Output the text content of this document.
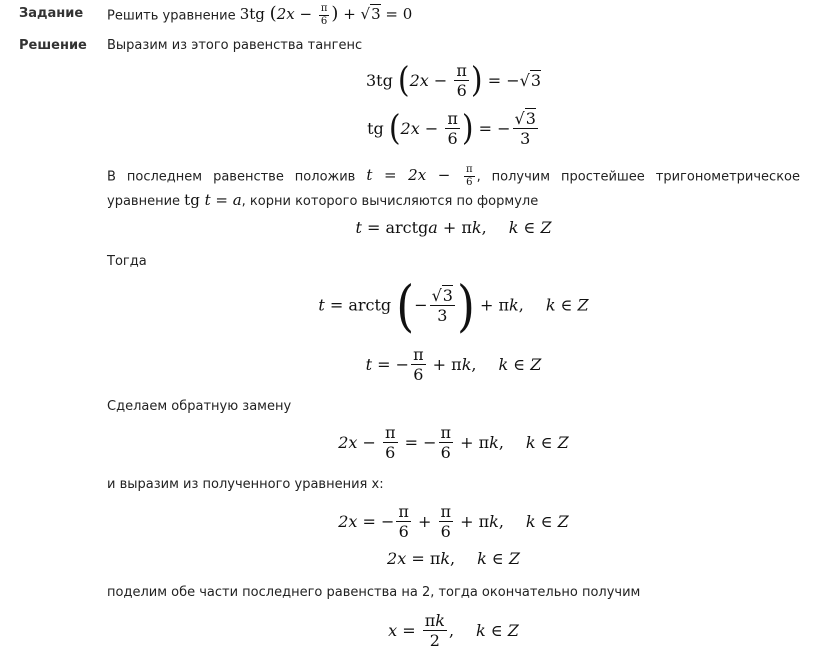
Задание Решить уравнение 3tg ($2x - \frac{\pi}{6}$ ) + √3 = 0
Решение Выразим из этого равенства тангенс
3tg ($2x - \frac{\pi}{6}$ ) = −√3
tg ($2x - \frac{\pi}{6}$ ) = − $\frac{√3}{3}$
В последнем равенстве положив $t = 2x - \frac{\pi}{6}$ , получим простейшее тригонометрическое уравнение tg t = a, корни которого вычисляются по формуле
t = arctga + πk, k ∈ Z
Тогда
t = arctg (− $\frac{√3}{3}$ ) + πk, k ∈ Z
t = − $\frac{\pi}{6} + \pi k$, k ∈ Z
Сделаем обратную замену
$2x - \frac{\pi}{6}$ = − $\frac{\pi}{6} + \pi k$, k ∈ Z
и выразим из полученного уравнения x:
2x = − $\frac{\pi}{6} + \frac{\pi}{6} + \pi k$, k ∈ Z
2x = πk, k ∈ Z
поделим обе части последнего равенства на 2, тогда окончательно получим
$x = \frac{\pi k}{2}$ , k ∈ Z
